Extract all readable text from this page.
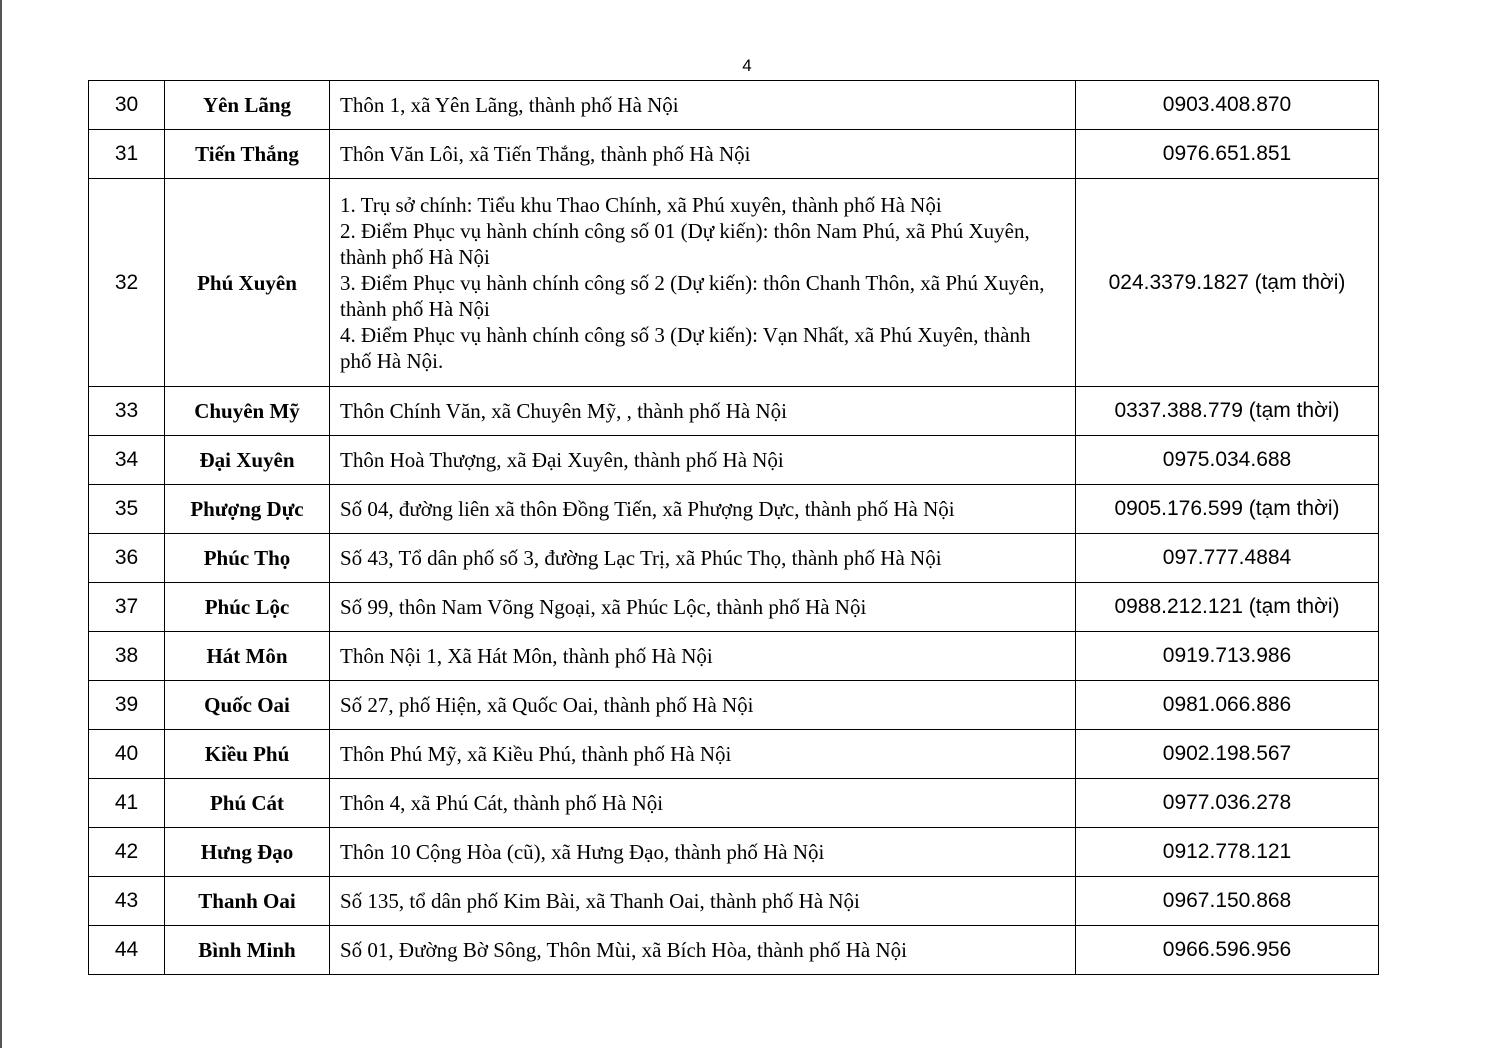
4
30	Yên Lãng	Thôn 1, xã Yên Lãng, thành phố Hà Nội	0903.408.870
31	Tiến Thắng	Thôn Văn Lôi, xã Tiến Thắng, thành phố Hà Nội	0976.651.851
32	Phú Xuyên	1. Trụ sở chính: Tiểu khu Thao Chính, xã Phú xuyên, thành phố Hà Nội
2. Điểm Phục vụ hành chính công số 01 (Dự kiến): thôn Nam Phú, xã Phú Xuyên, thành phố Hà Nội
3. Điểm Phục vụ hành chính công số 2 (Dự kiến): thôn Chanh Thôn, xã Phú Xuyên, thành phố Hà Nội
4. Điểm Phục vụ hành chính công số 3 (Dự kiến): Vạn Nhất, xã Phú Xuyên, thành phố Hà Nội.	024.3379.1827 (tạm thời)
33	Chuyên Mỹ	Thôn Chính Văn, xã Chuyên Mỹ, , thành phố Hà Nội	0337.388.779 (tạm thời)
34	Đại Xuyên	Thôn Hoà Thượng, xã Đại Xuyên, thành phố Hà Nội	0975.034.688
35	Phượng Dực	Số 04, đường liên xã thôn Đồng Tiến, xã Phượng Dực, thành phố Hà Nội	0905.176.599 (tạm thời)
36	Phúc Thọ	Số 43, Tổ dân phố số 3, đường Lạc Trị, xã Phúc Thọ, thành phố Hà Nội	097.777.4884
37	Phúc Lộc	Số 99, thôn Nam Võng Ngoại, xã Phúc Lộc, thành phố Hà Nội	0988.212.121 (tạm thời)
38	Hát Môn	Thôn Nội 1, Xã Hát Môn, thành phố Hà Nội	0919.713.986
39	Quốc Oai	Số 27, phố Hiện, xã Quốc Oai, thành phố Hà Nội	0981.066.886
40	Kiều Phú	Thôn Phú Mỹ, xã Kiều Phú, thành phố Hà Nội	0902.198.567
41	Phú Cát	Thôn 4, xã Phú Cát, thành phố Hà Nội	0977.036.278
42	Hưng Đạo	Thôn 10 Cộng Hòa (cũ), xã Hưng Đạo, thành phố Hà Nội	0912.778.121
43	Thanh Oai	Số 135, tổ dân phố Kim Bài, xã Thanh Oai, thành phố Hà Nội	0967.150.868
44	Bình Minh	Số 01, Đường Bờ Sông, Thôn Mùi, xã Bích Hòa, thành phố Hà Nội	0966.596.956
